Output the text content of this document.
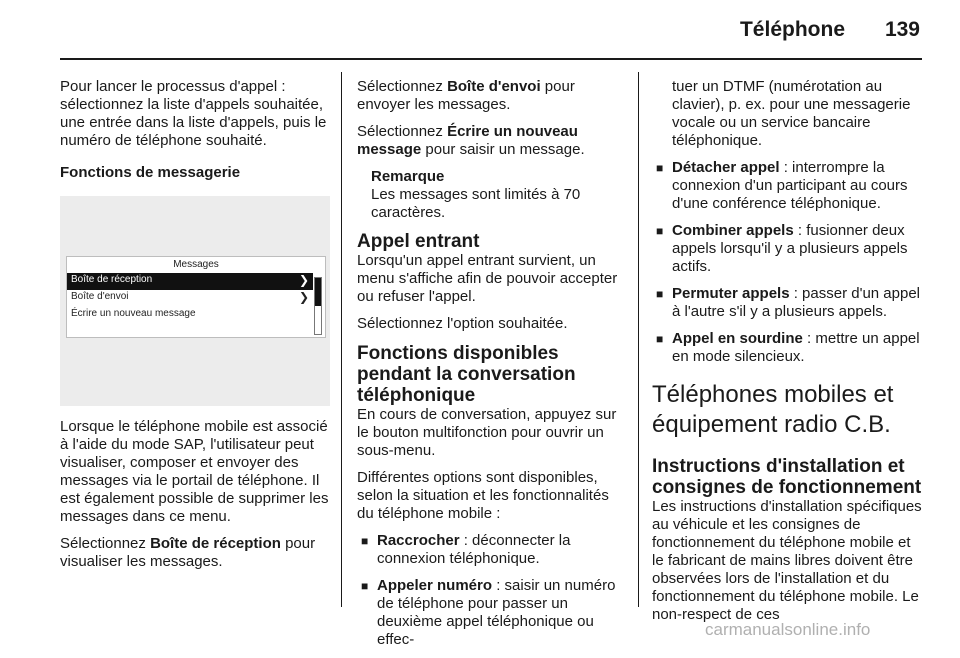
Téléphone	139

Pour lancer le processus d'appel : sélectionnez la liste d'appels souhaitée, une entrée dans la liste d'appels, puis le numéro de téléphone souhaité.

Fonctions de messagerie
Messages
Boîte de réception	❯
Boîte d'envoi	❯
Écrire un nouveau message

Lorsque le téléphone mobile est associé à l'aide du mode SAP, l'utilisateur peut visualiser, composer et envoyer des messages via le portail de téléphone. Il est également possible de supprimer les messages dans ce menu.

Sélectionnez Boîte de réception pour visualiser les messages.

Sélectionnez Boîte d'envoi pour envoyer les messages.

Sélectionnez Écrire un nouveau message pour saisir un message.

Remarque

Les messages sont limités à 70 caractères.

Appel entrant

Lorsqu'un appel entrant survient, un menu s'affiche afin de pouvoir accepter ou refuser l'appel.

Sélectionnez l'option souhaitée.

Fonctions disponibles pendant la conversation téléphonique

En cours de conversation, appuyez sur le bouton multifonction pour ouvrir un sous-menu.

Différentes options sont disponibles, selon la situation et les fonctionnalités du téléphone mobile :

■ Raccrocher : déconnecter la connexion téléphonique.
■ Appeler numéro : saisir un numéro de téléphone pour passer un deuxième appel téléphonique ou effec-

tuer un DTMF (numérotation au clavier), p. ex. pour une messagerie vocale ou un service bancaire téléphonique.

■ Détacher appel : interrompre la connexion d'un participant au cours d'une conférence téléphonique.
■ Combiner appels : fusionner deux appels lorsqu'il y a plusieurs appels actifs.
■ Permuter appels : passer d'un appel à l'autre s'il y a plusieurs appels.
■ Appel en sourdine : mettre un appel en mode silencieux.
Téléphones mobiles et équipement radio C.B.
Instructions d'installation et consignes de fonctionnement

Les instructions d'installation spécifiques au véhicule et les consignes de fonctionnement du téléphone mobile et le fabricant de mains libres doivent être observées lors de l'installation et du fonctionnement du téléphone mobile. Le non-respect de ces

carmanualsonline.info
